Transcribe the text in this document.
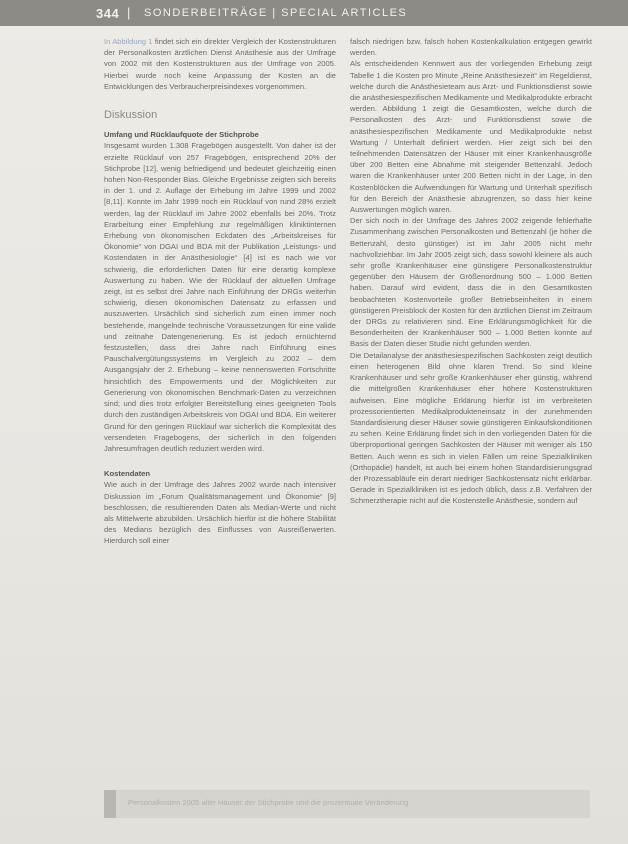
344 | SONDERBEITRÄGE | SPECIAL ARTICLES

In Abbildung 1 findet sich ein direkter Vergleich der Kostenstrukturen der Personalkosten ärztlichen Dienst Anästhesie aus der Umfrage von 2002 mit den Kostenstrukturen aus der Umfrage von 2005. Hierbei wurde noch keine Anpassung der Kosten an die Entwicklungen des Verbraucherpreisindexes vorgenommen.

Diskussion
Umfang und Rücklaufquote der Stichprobe

Insgesamt wurden 1.308 Fragebögen ausgestellt. Von daher ist der erzielte Rücklauf von 257 Fragebögen, entsprechend 20% der Stichprobe [12], wenig befriedigend und bedeutet gleichzeitig einen hohen Non-Responder Bias. Gleiche Ergebnisse zeigten sich bereits in der 1. und 2. Auflage der Erhebung im Jahre 1999 und 2002 [8,11]. Konnte im Jahr 1999 noch ein Rücklauf von rund 28% erzielt werden, lag der Rücklauf im Jahre 2002 ebenfalls bei 20%. Trotz Erarbeitung einer Empfehlung zur regelmäßigen kliniktinternen Erhebung von ökonomischen Eckdaten des „Arbeitskreises für Ökonomie“ von DGAI und BDA mit der Publikation „Leistungs- und Kostendaten in der Anästhesiologie“ [4] ist es nach wie vor schwierig, die erforderlichen Daten für eine derartig komplexe Auswertung zu haben. Wie der Rücklauf der aktuellen Umfrage zeigt, ist es selbst drei Jahre nach Einführung der DRGs weiterhin schwierig, diesen ökonomischen Datensatz zu erfassen und auszuwerten. Ursächlich sind sicherlich zum einen immer noch bestehende, mangelnde technische Voraussetzungen für eine valide und zeitnahe Datengenerierung. Es ist jedoch ernüchternd festzustellen, dass drei Jahre nach Einführung eines Pauschalvergütungssystems im Vergleich zu 2002 – dem Ausgangsjahr der 2. Erhebung – keine nennenswerten Fortschritte hinsichtlich des Empowerments und der Möglichkeiten zur Generierung von ökonomischen Benchmark-Daten zu verzeichnen sind; und dies trotz erfolgter Bereitstellung eines geeigneten Tools durch den zuständigen Arbeitskreis von DGAI und BDA. Ein weiterer Grund für den geringen Rücklauf war sicherlich die Komplexität des versendeten Fragebogens, der sicherlich in den folgenden Jahresumfragen deutlich reduziert werden wird.

Kostendaten

Wie auch in der Umfrage des Jahres 2002 wurde nach intensiver Diskussion im „Forum Qualitätsmanagement und Ökonomie“ [9] beschlossen, die resultierenden Daten als Median-Werte und nicht als Mittelwerte abzubilden. Ursächlich hierfür ist die höhere Stabilität des Medians bezüglich des Einflusses von Ausreißerwerten. Hierdurch soll einer

falsch niedrigen bzw. falsch hohen Kostenkalkulation entgegen gewirkt werden.

Als entscheidenden Kennwert aus der vorliegenden Erhebung zeigt Tabelle 1 die Kosten pro Minute „Reine Anästhesiezeit“ im Regeldienst, welche durch die Anästhesieteam aus Arzt- und Funktionsdienst sowie die anästhesiespezifischen Medikamente und Medikalprodukte erbracht werden. Abbildung 1 zeigt die Gesamtkosten, welche durch die Personalkosten des Arzt- und Funktionsdienst sowie die anästhesiespezifischen Medikamente und Medikalprodukte nebst Wartung / Unterhalt definiert werden. Hier zeigt sich bei den teilnehmenden Datensätzen der Häuser mit einer Krankenhausgröße über 200 Betten eine Abnahme mit steigender Bettenzahl. Jedoch waren die Krankenhäuser unter 200 Betten nicht in der Lage, in den Kostenblöcken die Aufwendungen für Wartung und Unterhalt spezifisch für den Bereich der Anästhesie abzugrenzen, so dass hier keine Auswertungen möglich waren.

Der sich noch in der Umfrage des Jahres 2002 zeigende fehlerhafte Zusammenhang zwischen Personalkosten und Bettenzahl (je höher die Bettenzahl, desto günstiger) ist im Jahr 2005 nicht mehr nachvollziehbar. Im Jahr 2005 zeigt sich, dass sowohl kleinere als auch sehr große Krankenhäuser eine günstigere Personalkostenstruktur gegenüber den Häusern der Größenordnung 500 – 1.000 Betten haben. Darauf wird evident, dass die in den Gesamtkosten beobachteten Kostenvorteile großer Betriebseinheiten in einem günstigeren Preisblock der Kosten für den ärztlichen Dienst im Zeitraum der DRGs zu relativieren sind. Eine Erklärungsmöglichkeit für die Besonderheiten der Krankenhäuser 500 – 1.000 Betten konnte auf Basis der Daten dieser Studie nicht gefunden werden.

Die Detailanalyse der anästhesiespezifischen Sachkosten zeigt deutlich einen heterogenen Bild ohne klaren Trend. So sind kleine Krankenhäuser und sehr große Krankenhäuser eher günstig, während die mittelgroßen Krankenhäuser eher höhere Kostenstrukturen aufweisen. Eine mögliche Erklärung hierfür ist im verbreiteten prozessorientierten Medikalprodukteneinsatz in der zunehmenden Standardisierung dieser Häuser sowie günstigeren Einkaufskonditionen zu sehen. Keine Erklärung findet sich in den vorliegenden Daten für die überproportional geringen Sachkosten der Häuser mit weniger als 150 Betten. Auch wenn es sich in vielen Fällen um reine Spezialkliniken (Orthopädie) handelt, ist auch bei einem hohen Standardisierungsgrad der Prozessabläufe ein derart niedriger Sachkostensatz nicht erklärbar. Gerade in Spezialkliniken ist es jedoch üblich, dass z.B. Verfahren der Schmerztherapie nicht auf die Kostenstelle Anästhesie, sondern auf

Personalkosten 2005 aller Häuser der Stichprobe und die prozentuale Veränderung
